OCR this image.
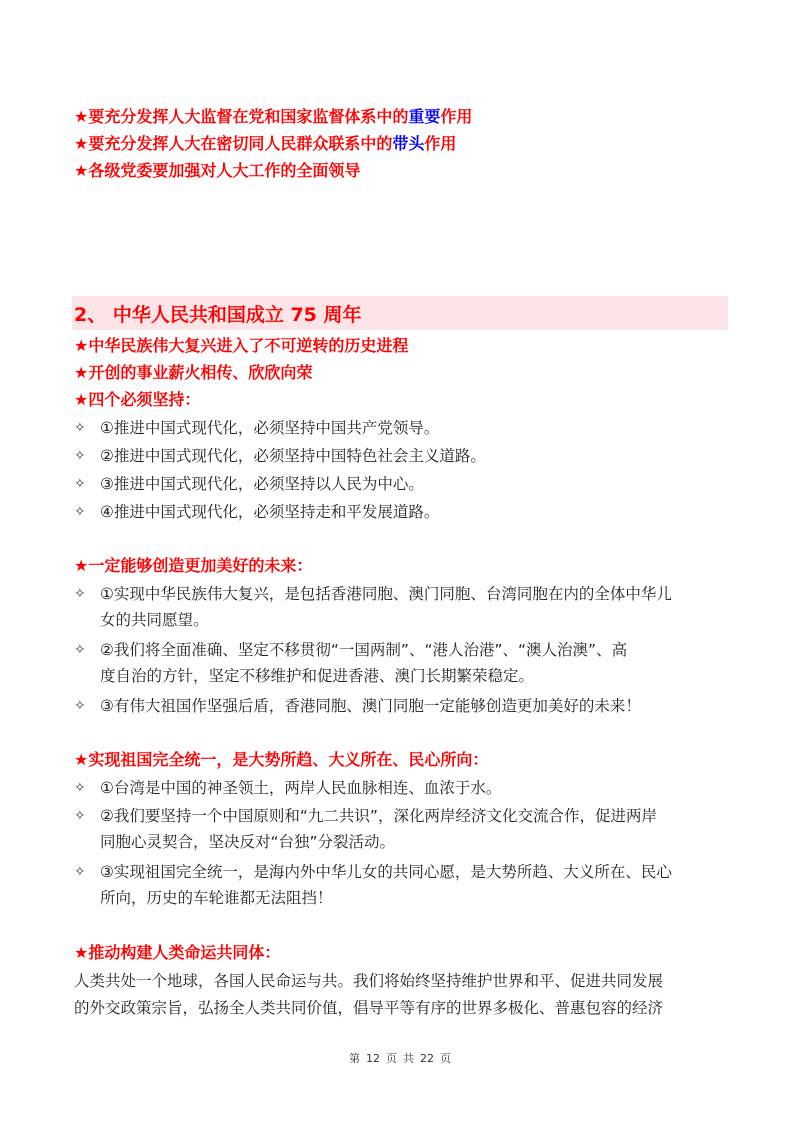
★要充分发挥人大监督在党和国家监督体系中的重要作用
★要充分发挥人大在密切同人民群众联系中的带头作用
★各级党委要加强对人大工作的全面领导
2、 中华人民共和国成立 75 周年
★中华民族伟大复兴进入了不可逆转的历史进程
★开创的事业薪火相传、欣欣向荣
★四个必须坚持：
✧ ①推进中国式现代化，必须坚持中国共产党领导。
✧ ②推进中国式现代化，必须坚持中国特色社会主义道路。
✧ ③推进中国式现代化，必须坚持以人民为中心。
✧ ④推进中国式现代化，必须坚持走和平发展道路。
★一定能够创造更加美好的未来：
✧ ①实现中华民族伟大复兴，是包括香港同胞、澳门同胞、台湾同胞在内的全体中华儿
女的共同愿望。
✧ ②我们将全面准确、坚定不移贯彻“一国两制”、“港人治港”、“澳人治澳”、高
度自治的方针，坚定不移维护和促进香港、澳门长期繁荣稳定。
✧ ③有伟大祖国作坚强后盾，香港同胞、澳门同胞一定能够创造更加美好的未来！
★实现祖国完全统一，是大势所趋、大义所在、民心所向：
✧ ①台湾是中国的神圣领土，两岸人民血脉相连、血浓于水。
✧ ②我们要坚持一个中国原则和“九二共识”，深化两岸经济文化交流合作，促进两岸
同胞心灵契合，坚决反对“台独”分裂活动。
✧ ③实现祖国完全统一，是海内外中华儿女的共同心愿，是大势所趋、大义所在、民心
所向，历史的车轮谁都无法阻挡！
★推动构建人类命运共同体：
人类共处一个地球，各国人民命运与共。我们将始终坚持维护世界和平、促进共同发展
的外交政策宗旨，弘扬全人类共同价值，倡导平等有序的世界多极化、普惠包容的经济
第 12 页 共 22 页
